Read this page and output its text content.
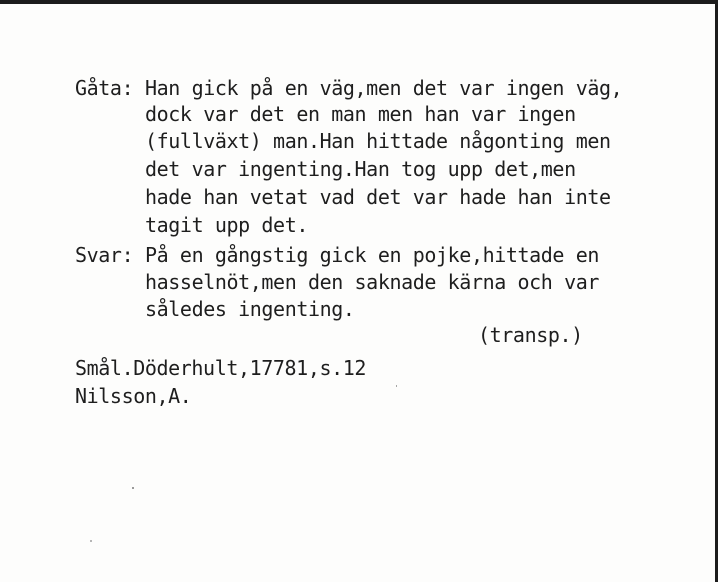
Gåta: Han gick på en väg,men det var ingen väg,

dock var det en man men han var ingen

(fullväxt) man.Han hittade någonting men

det var ingenting.Han tog upp det,men

hade han vetat vad det var hade han inte

tagit upp det.

Svar: På en gångstig gick en pojke,hittade en

hasselnöt,men den saknade kärna och var

således ingenting.

(transp.)

Smål.Döderhult,17781,s.12

Nilsson,A.
